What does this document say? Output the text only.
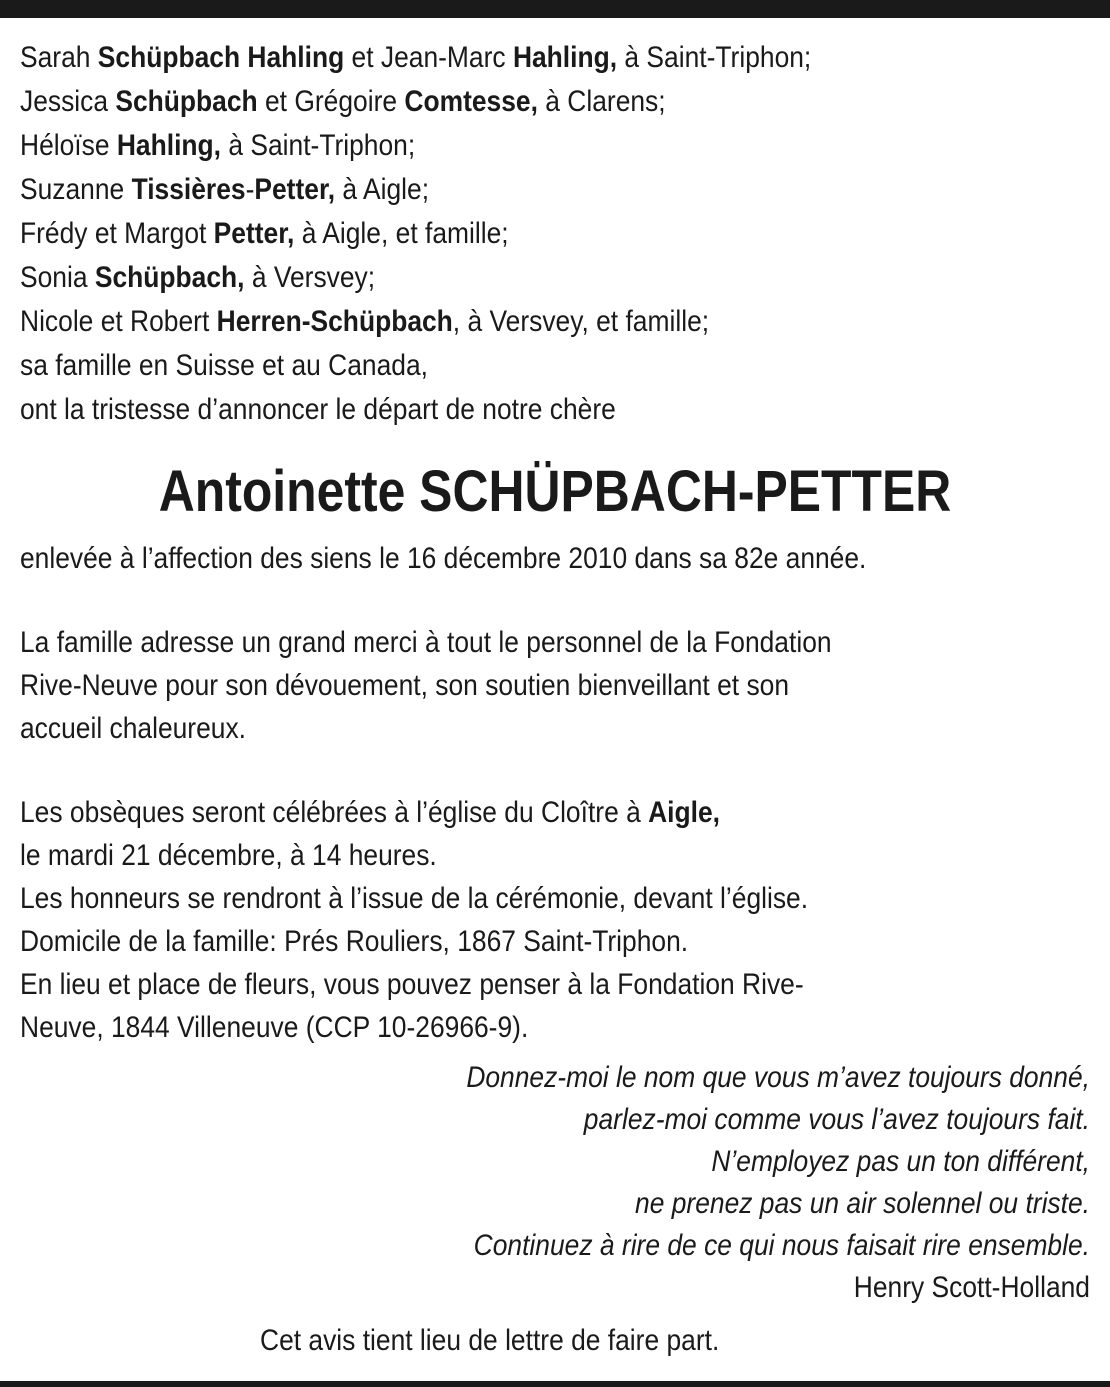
Sarah Schüpbach Hahling et Jean-Marc Hahling, à Saint-Triphon;
Jessica Schüpbach et Grégoire Comtesse, à Clarens;
Héloïse Hahling, à Saint-Triphon;
Suzanne Tissières-Petter, à Aigle;
Frédy et Margot Petter, à Aigle, et famille;
Sonia Schüpbach, à Versvey;
Nicole et Robert Herren-Schüpbach, à Versvey, et famille;
sa famille en Suisse et au Canada,
ont la tristesse d’annoncer le départ de notre chère
Antoinette SCHÜPBACH-PETTER
enlevée à l’affection des siens le 16 décembre 2010 dans sa 82e année.
La famille adresse un grand merci à tout le personnel de la Fondation
Rive-Neuve pour son dévouement, son soutien bienveillant et son
accueil chaleureux.
Les obsèques seront célébrées à l’église du Cloître à Aigle,
le mardi 21 décembre, à 14 heures.
Les honneurs se rendront à l’issue de la cérémonie, devant l’église.
Domicile de la famille: Prés Rouliers, 1867 Saint-Triphon.
En lieu et place de fleurs, vous pouvez penser à la Fondation Rive-
Neuve, 1844 Villeneuve (CCP 10-26966-9).
Donnez-moi le nom que vous m’avez toujours donné,
parlez-moi comme vous l’avez toujours fait.
N’employez pas un ton différent,
ne prenez pas un air solennel ou triste.
Continuez à rire de ce qui nous faisait rire ensemble.
Henry Scott-Holland
Cet avis tient lieu de lettre de faire part.
